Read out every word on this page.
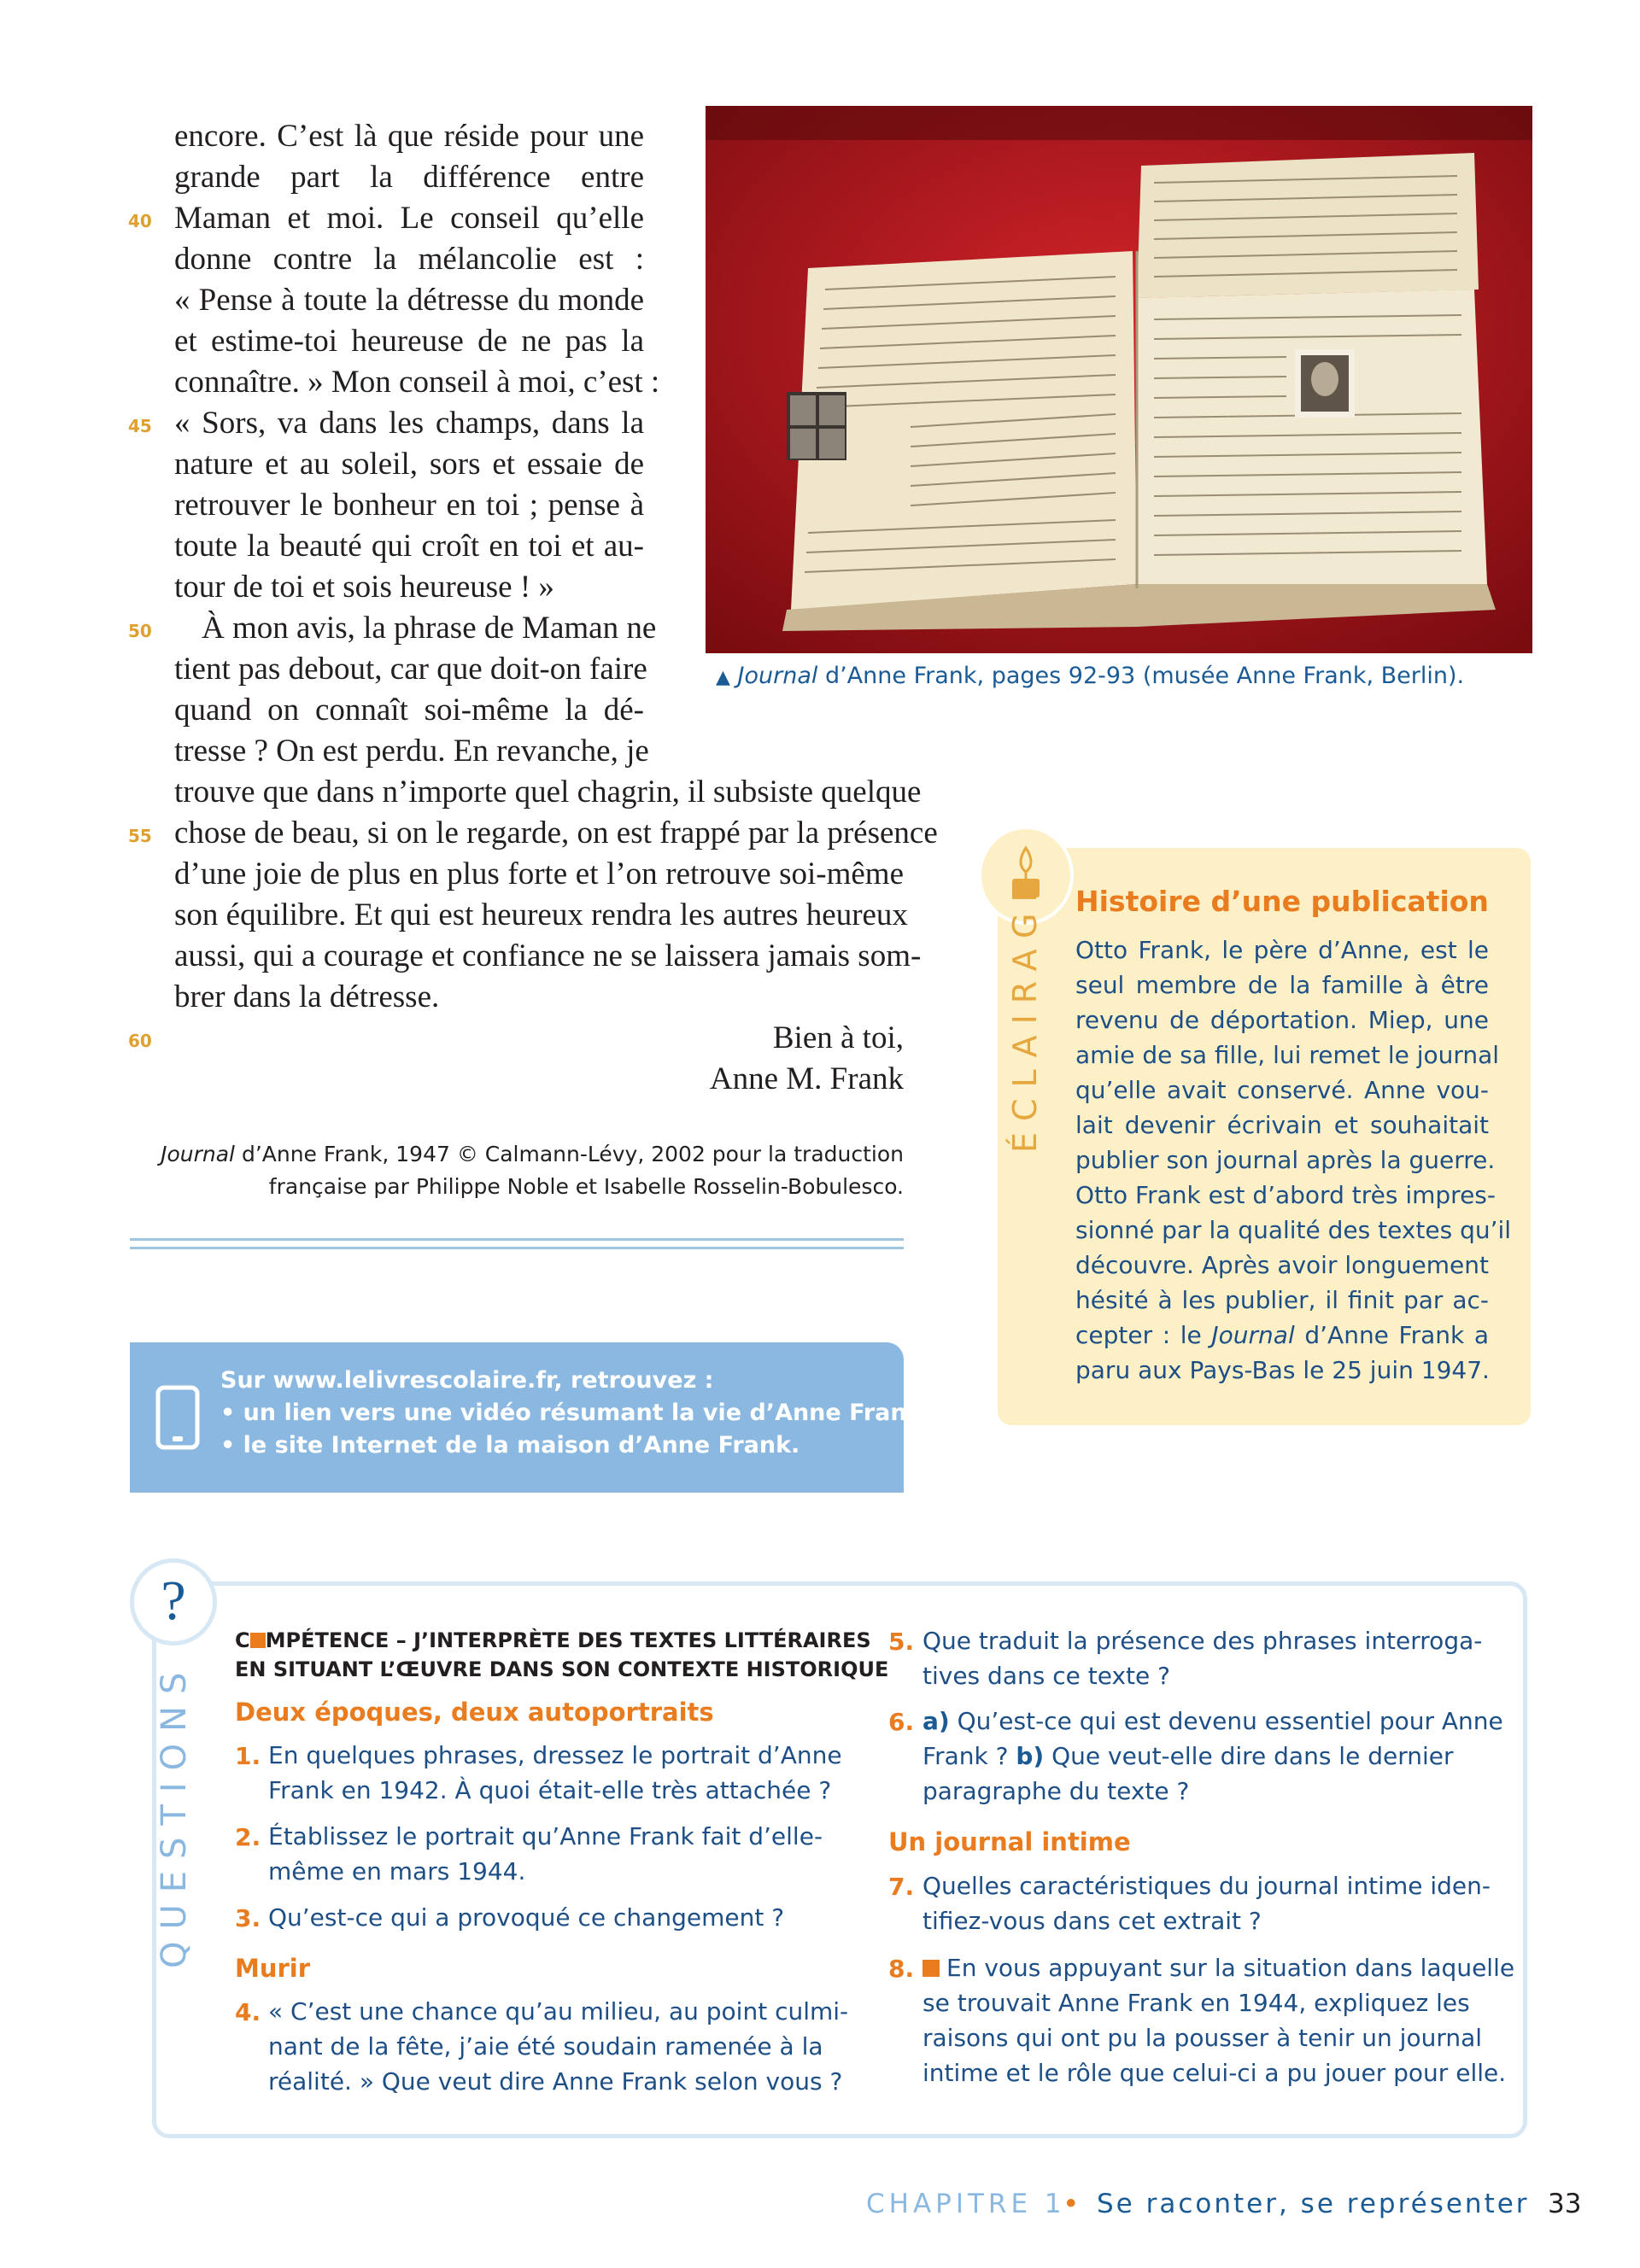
encore. C’est là que réside pour une
grande part la différence entre
Maman et moi. Le conseil qu’elle
donne contre la mélancolie est :
« Pense à toute la détresse du monde
et estime-toi heureuse de ne pas la
connaître. » Mon conseil à moi, c’est :
« Sors, va dans les champs, dans la
nature et au soleil, sors et essaie de
retrouver le bonheur en toi ; pense à
toute la beauté qui croît en toi et au-
tour de toi et sois heureuse ! »
À mon avis, la phrase de Maman ne
tient pas debout, car que doit-on faire
quand on connaît soi-même la dé-
tresse ? On est perdu. En revanche, je
trouve que dans n’importe quel chagrin, il subsiste quelque
chose de beau, si on le regarde, on est frappé par la présence
d’une joie de plus en plus forte et l’on retrouve soi-même
son équilibre. Et qui est heureux rendra les autres heureux
aussi, qui a courage et confiance ne se laissera jamais som-
brer dans la détresse.
Bien à toi,
Anne M. Frank
40
45
50
55
60
Journal d’Anne Frank, 1947 © Calmann-Lévy, 2002 pour la traduction
française par Philippe Noble et Isabelle Rosselin-Bobulesco.
▲ Journal d’Anne Frank, pages 92-93 (musée Anne Frank, Berlin).
Histoire d’une publication
Otto Frank, le père d’Anne, est le
seul membre de la famille à être
revenu de déportation. Miep, une
amie de sa fille, lui remet le journal
qu’elle avait conservé. Anne vou-
lait devenir écrivain et souhaitait
publier son journal après la guerre.
Otto Frank est d’abord très impres-
sionné par la qualité des textes qu’il
découvre. Après avoir longuement
hésité à les publier, il finit par ac-
cepter : le Journal d’Anne Frank a
paru aux Pays-Bas le 25 juin 1947.
Sur www.lelivrescolaire.fr, retrouvez :
• un lien vers une vidéo résumant la vie d’Anne Frank ;
• le site Internet de la maison d’Anne Frank.
?
QUESTIONS
C MPÉTENCE – J’INTERPRÈTE DES TEXTES LITTÉRAIRES
EN SITUANT L’ŒUVRE DANS SON CONTEXTE HISTORIQUE
Deux époques, deux autoportraits
1. En quelques phrases, dressez le portrait d’Anne
Frank en 1942. À quoi était-elle très attachée ?
2. Établissez le portrait qu’Anne Frank fait d’elle-
même en mars 1944.
3. Qu’est-ce qui a provoqué ce changement ?
Murir
4. « C’est une chance qu’au milieu, au point culmi-
nant de la fête, j’aie été soudain ramenée à la
réalité. » Que veut dire Anne Frank selon vous ?
5. Que traduit la présence des phrases interroga-
tives dans ce texte ?
6. a) Qu’est-ce qui est devenu essentiel pour Anne
Frank ? b) Que veut-elle dire dans le dernier
paragraphe du texte ?
Un journal intime
7. Quelles caractéristiques du journal intime iden-
tifiez-vous dans cet extrait ?
8.	En vous appuyant sur la situation dans laquelle
se trouvait Anne Frank en 1944, expliquez les
raisons qui ont pu la pousser à tenir un journal
intime et le rôle que celui-ci a pu jouer pour elle.
CHAPITRE 1
• Se raconter, se représenter 33
